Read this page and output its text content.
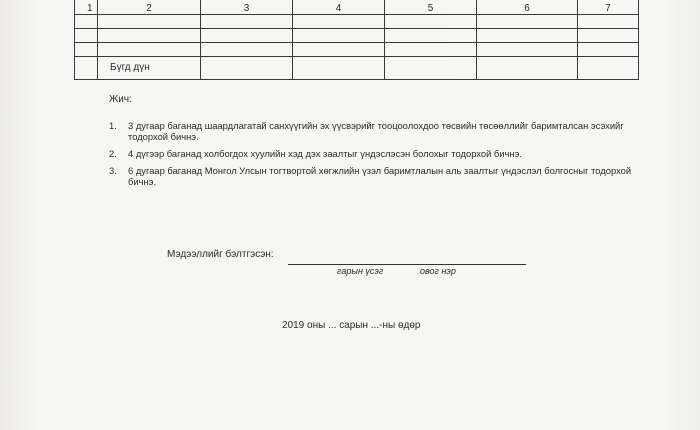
1	2	3	4	5	6	7

	Бүгд дүн					
Жич:
1.	3 дугаар баганад шаардлагатай санхүүгийн эх үүсвэрийг тооцоолохдоо төсвийн төсөөллийг баримталсан эсэхийг тодорхой бичнэ.
2.	4 дүгээр баганад холбогдох хуулийн хэд дэх заалтыг үндэслэсэн болохыг тодорхой бичнэ.
3.	6 дугаар баганад Монгол Улсын тогтвортой хөгжлийн үзэл баримтлалын аль заалтыг үндэслэл болгосныг тодорхой бичнэ.
Мэдээллийг бэлтгэсэн:
гарын үсэг	овог нэр
2019 оны ... сарын ...-ны өдөр
